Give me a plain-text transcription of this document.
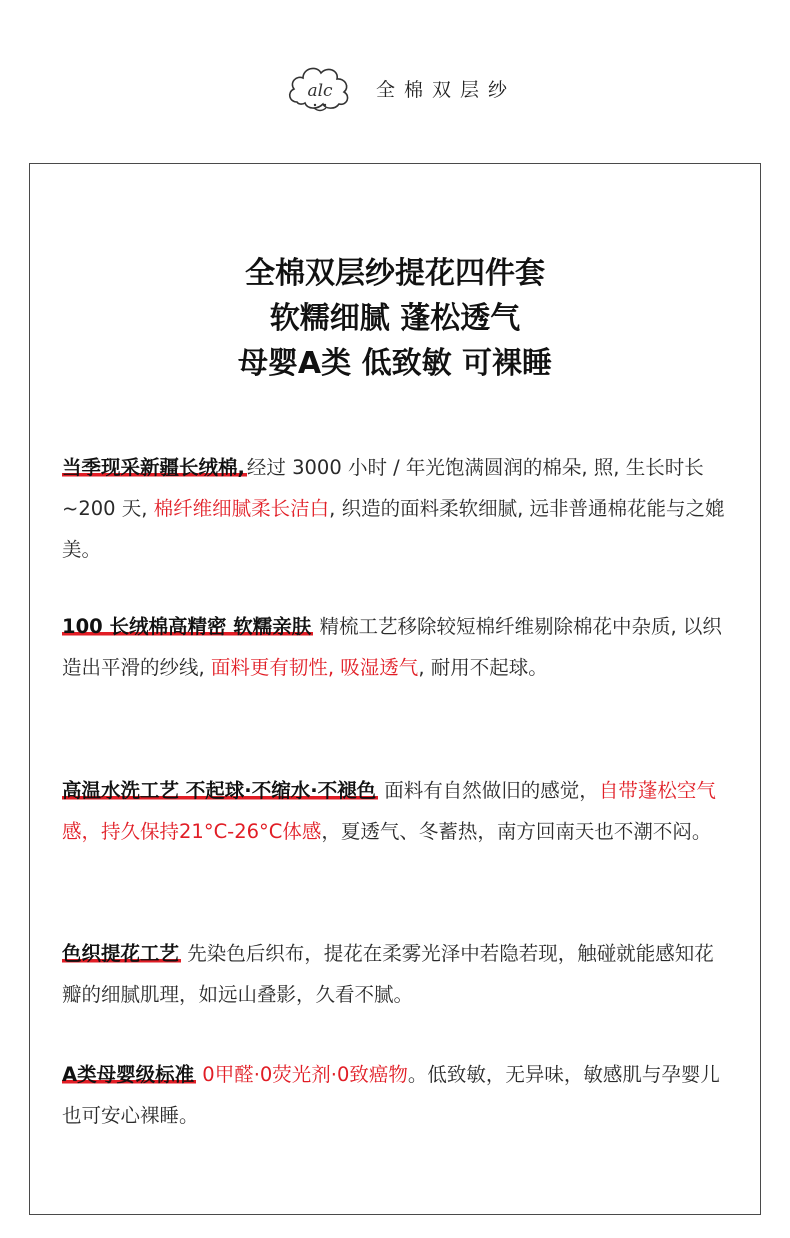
alc 全棉双层纱
全棉双层纱提花四件套
软糯细腻 蓬松透气
母婴A类 低致敏 可裸睡
当季现采新疆长绒棉, 经过 3000 小时 / 年光饱满圆润的棉朵, 照, 生长时长 ~200 天, 棉纤维细腻柔长洁白, 织造的面料柔软细腻, 远非普通棉花能与之媲美。
100 长绒棉高精密 软糯亲肤 精梳工艺移除较短棉纤维剔除棉花中杂质, 以织造出平滑的纱线, 面料更有韧性, 吸湿透气, 耐用不起球。
高温水洗工艺 不起球·不缩水·不褪色 面料有自然做旧的感觉，自带蓬松空气感，持久保持21°C-26°C体感，夏透气、冬蓄热，南方回南天也不潮不闷。
色织提花工艺 先染色后织布，提花在柔雾光泽中若隐若现，触碰就能感知花瓣的细腻肌理，如远山叠影，久看不腻。
A类母婴级标准 0甲醛·0荧光剂·0致癌物。低致敏，无异味，敏感肌与孕婴儿也可安心裸睡。
